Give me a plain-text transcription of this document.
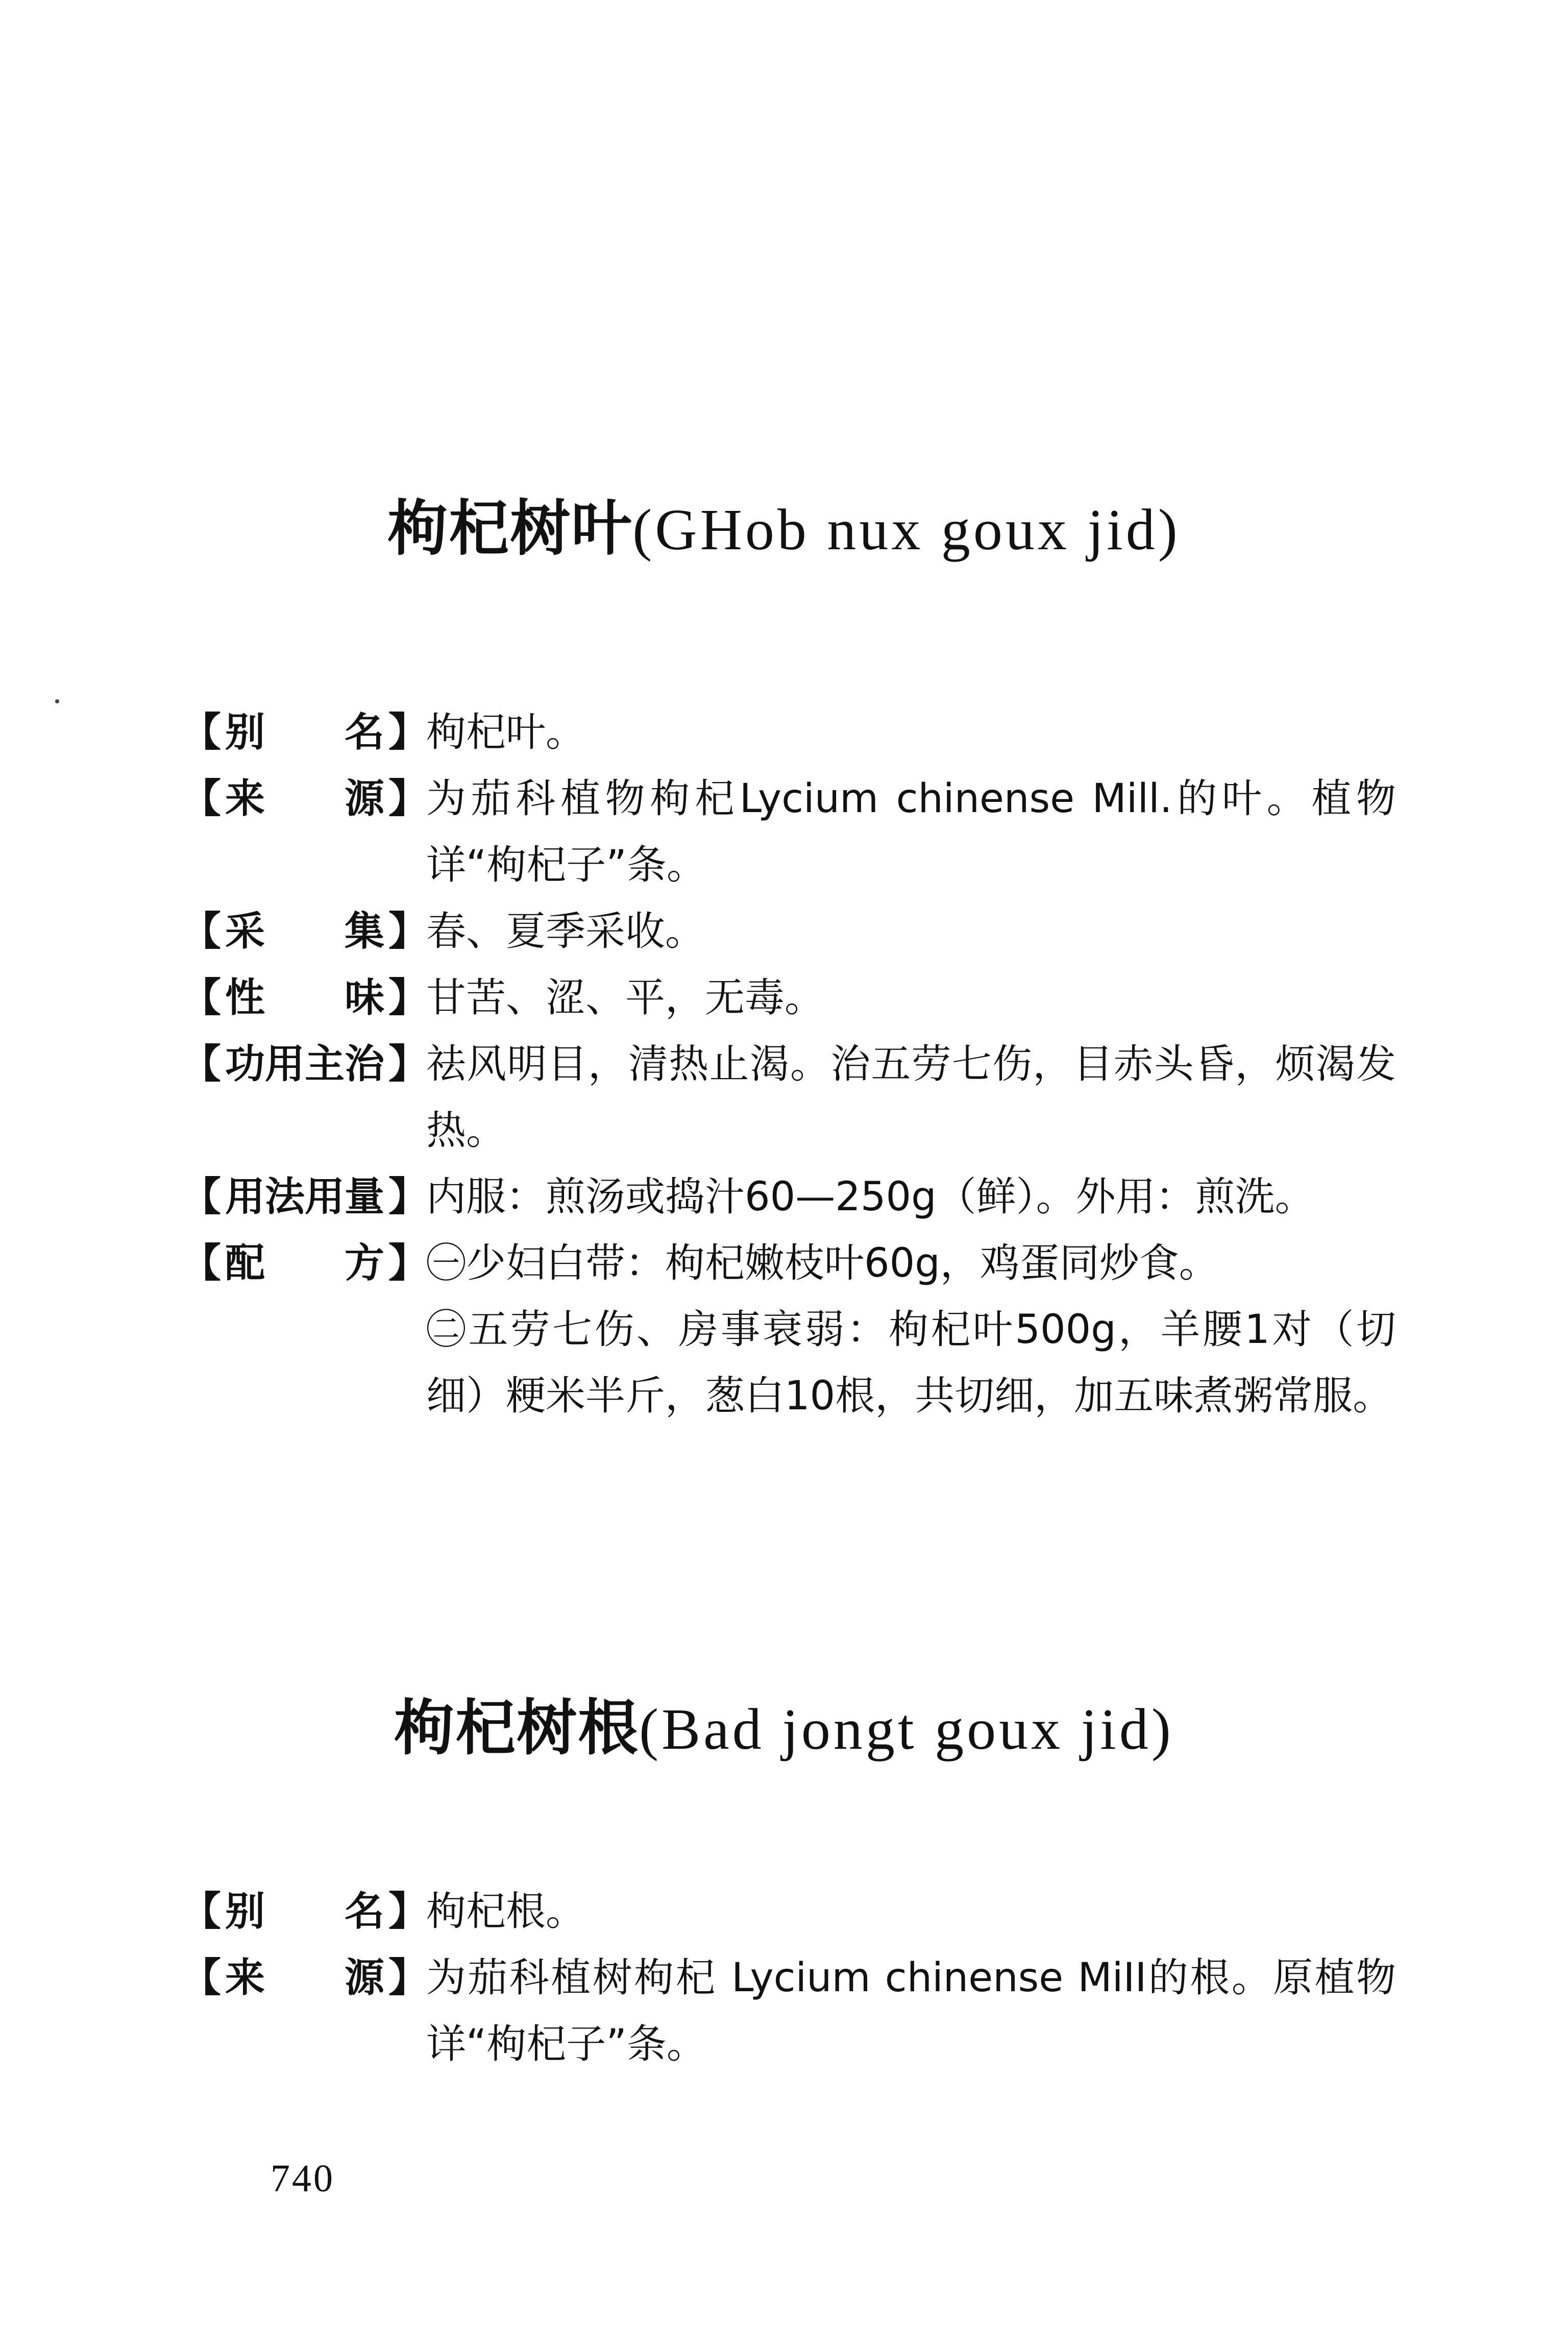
枸杞树叶(GHob nux goux jid)
【 别　　名 】

枸杞叶。

【 来　　源 】

为茄科植物枸杞Lycium chinense Mill.的叶。植物详“枸杞子”条。

【 采　　集 】

春、夏季采收。

【 性　　味 】

甘苦、涩、平，无毒。

【 功用主治 】

祛风明目，清热止渴。治五劳七伤，目赤头昏，烦渴发热。

【 用法用量 】

内服：煎汤或捣汁60—250g（鲜）。外用：煎洗。

【 配　　方 】

㊀少妇白带：枸杞嫩枝叶60g，鸡蛋同炒食。

㊁五劳七伤、房事衰弱：枸杞叶500g，羊腰1对（切细）粳米半斤，葱白10根，共切细，加五味煮粥常服。

枸杞树根(Bad jongt goux jid)
【 别　　名 】

枸杞根。

【 来　　源 】

为茄科植树枸杞 Lycium chinense MiII的根。原植物详“枸杞子”条。

740
